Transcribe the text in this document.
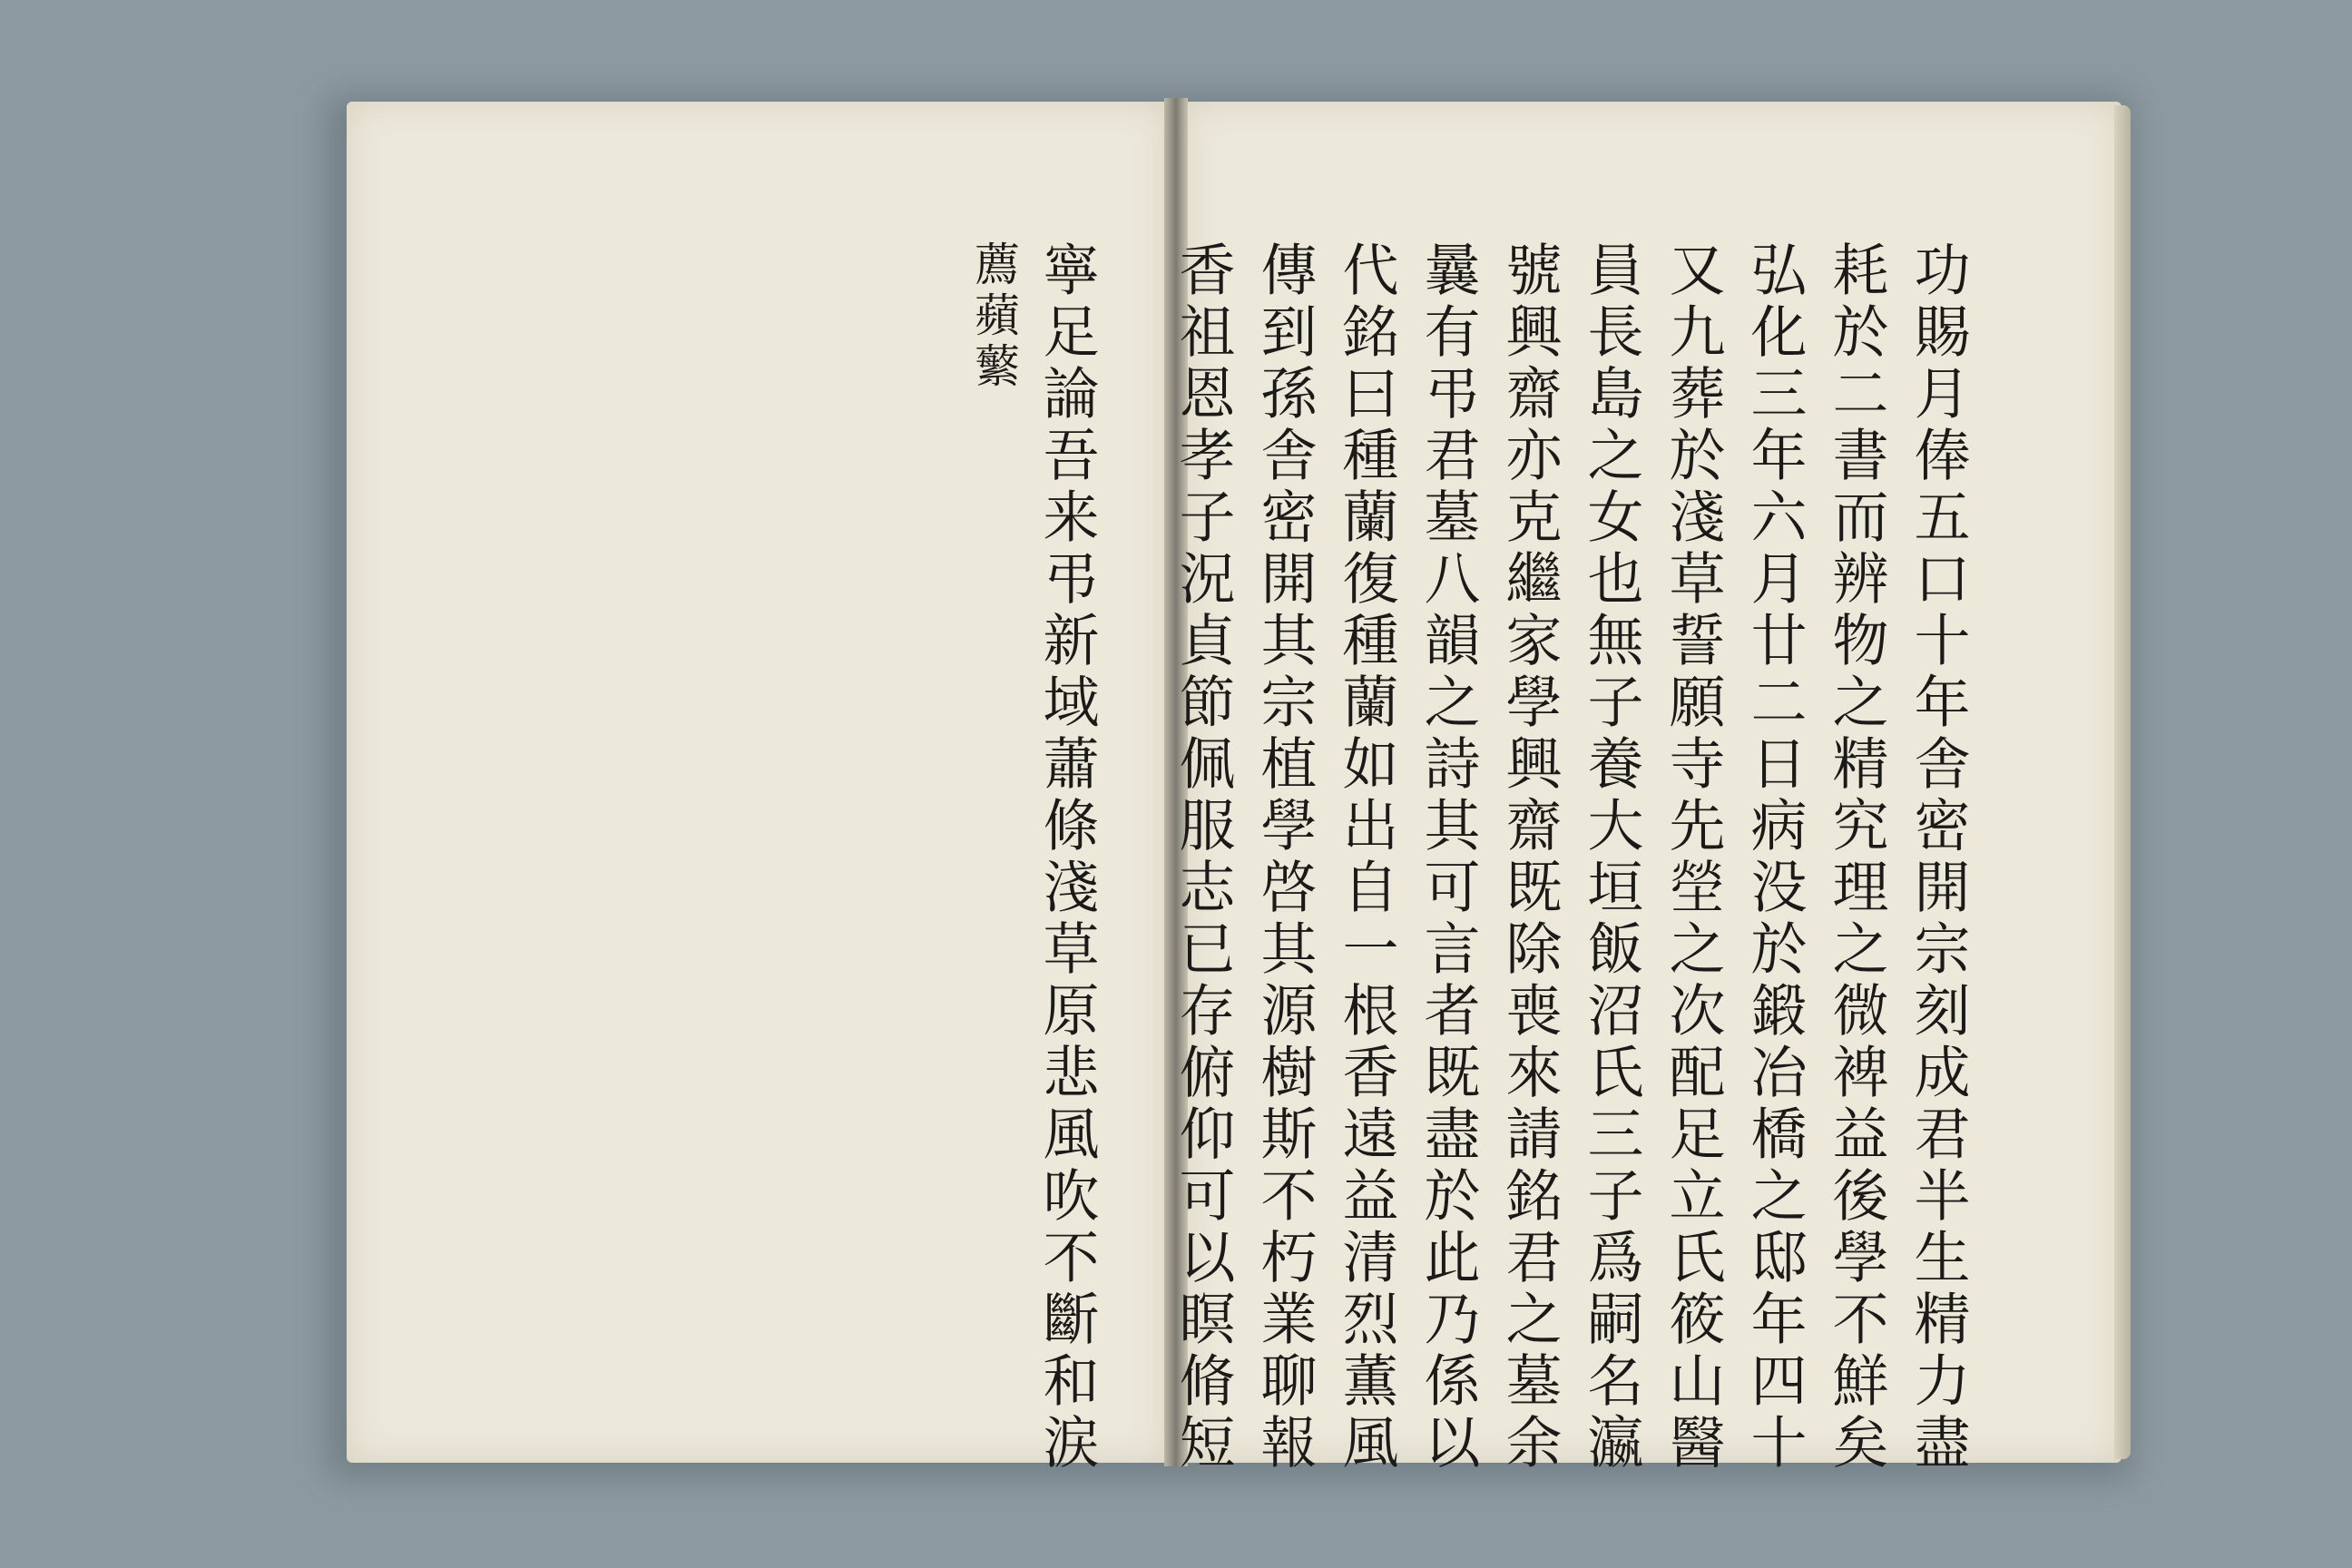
功賜月俸五口十年舎密開宗刻成君半生精力盡
耗於二書而辨物之精究理之微裨益後學不鮮矣
弘化三年六月廿二日病没於鍛冶橋之邸年四十
又九葬於淺草誓願寺先塋之次配足立氏筱山醫
員長島之女也無子養大垣飯沼氏三子爲嗣名瀛
號興齋亦克繼家學興齋既除喪來請銘君之墓余
曩有弔君墓八韻之詩其可言者既盡於此乃係以
代銘曰種蘭復種蘭如出自一根香遠益清烈薫風
傳到孫舎密開其宗植學啓其源樹斯不朽業聊報
香祖恩孝子況貞節佩服志已存俯仰可以瞑脩短
寧足論吾来弔新域蕭條淺草原悲風吹不斷和涙
薦蘋蘩
